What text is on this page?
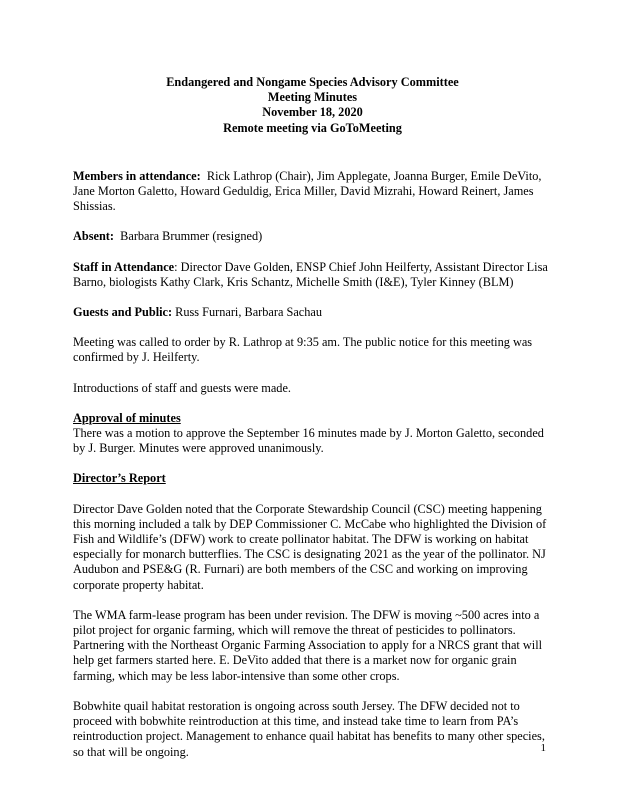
Endangered and Nongame Species Advisory Committee
Meeting Minutes
November 18, 2020
Remote meeting via GoToMeeting

Members in attendance: Rick Lathrop (Chair), Jim Applegate, Joanna Burger, Emile DeVito, Jane Morton Galetto, Howard Geduldig, Erica Miller, David Mizrahi, Howard Reinert, James Shissias.

Absent: Barbara Brummer (resigned)

Staff in Attendance: Director Dave Golden, ENSP Chief John Heilferty, Assistant Director Lisa Barno, biologists Kathy Clark, Kris Schantz, Michelle Smith (I&E), Tyler Kinney (BLM)

Guests and Public: Russ Furnari, Barbara Sachau

Meeting was called to order by R. Lathrop at 9:35 am. The public notice for this meeting was confirmed by J. Heilferty.

Introductions of staff and guests were made.

Approval of minutes

There was a motion to approve the September 16 minutes made by J. Morton Galetto, seconded by J. Burger. Minutes were approved unanimously.

Director’s Report

Director Dave Golden noted that the Corporate Stewardship Council (CSC) meeting happening this morning included a talk by DEP Commissioner C. McCabe who highlighted the Division of Fish and Wildlife’s (DFW) work to create pollinator habitat. The DFW is working on habitat especially for monarch butterflies. The CSC is designating 2021 as the year of the pollinator. NJ Audubon and PSE&G (R. Furnari) are both members of the CSC and working on improving corporate property habitat.

The WMA farm-lease program has been under revision. The DFW is moving ~500 acres into a pilot project for organic farming, which will remove the threat of pesticides to pollinators. Partnering with the Northeast Organic Farming Association to apply for a NRCS grant that will help get farmers started here. E. DeVito added that there is a market now for organic grain farming, which may be less labor-intensive than some other crops.

Bobwhite quail habitat restoration is ongoing across south Jersey. The DFW decided not to proceed with bobwhite reintroduction at this time, and instead take time to learn from PA’s reintroduction project. Management to enhance quail habitat has benefits to many other species, so that will be ongoing.	1
